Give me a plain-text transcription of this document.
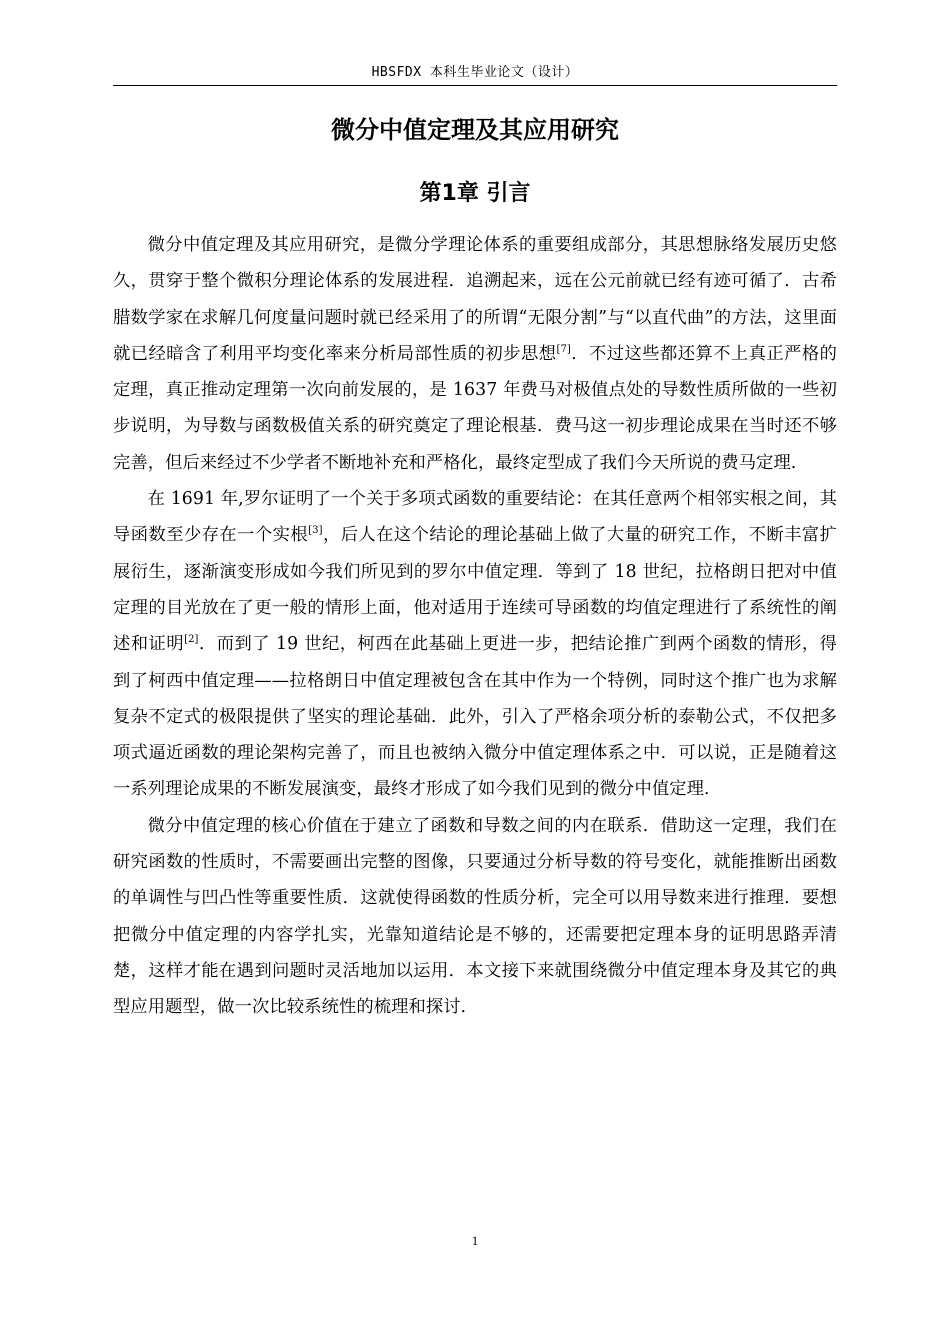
HBSFDX 本科生毕业论文（设计）
微分中值定理及其应用研究
第1章 引言

微分中值定理及其应用研究，是微分学理论体系的重要组成部分，其思想脉络发展历史悠久，贯穿于整个微积分理论体系的发展进程．追溯起来，远在公元前就已经有迹可循了．古希腊数学家在求解几何度量问题时就已经采用了的所谓“无限分割”与“以直代曲”的方法，这里面就已经暗含了利用平均变化率来分析局部性质的初步思想[7]．不过这些都还算不上真正严格的定理，真正推动定理第一次向前发展的，是 1637 年费马对极值点处的导数性质所做的一些初步说明，为导数与函数极值关系的研究奠定了理论根基．费马这一初步理论成果在当时还不够完善，但后来经过不少学者不断地补充和严格化，最终定型成了我们今天所说的费马定理．

在 1691 年,罗尔证明了一个关于多项式函数的重要结论：在其任意两个相邻实根之间，其导函数至少存在一个实根[3]，后人在这个结论的理论基础上做了大量的研究工作，不断丰富扩展衍生，逐渐演变形成如今我们所见到的罗尔中值定理．等到了 18 世纪，拉格朗日把对中值定理的目光放在了更一般的情形上面，他对适用于连续可导函数的均值定理进行了系统性的阐述和证明[2]．而到了 19 世纪，柯西在此基础上更进一步，把结论推广到两个函数的情形，得到了柯西中值定理——拉格朗日中值定理被包含在其中作为一个特例，同时这个推广也为求解复杂不定式的极限提供了坚实的理论基础．此外，引入了严格余项分析的泰勒公式，不仅把多项式逼近函数的理论架构完善了，而且也被纳入微分中值定理体系之中．可以说，正是随着这一系列理论成果的不断发展演变，最终才形成了如今我们见到的微分中值定理．

微分中值定理的核心价值在于建立了函数和导数之间的内在联系．借助这一定理，我们在研究函数的性质时，不需要画出完整的图像，只要通过分析导数的符号变化，就能推断出函数的单调性与凹凸性等重要性质．这就使得函数的性质分析，完全可以用导数来进行推理．要想把微分中值定理的内容学扎实，光靠知道结论是不够的，还需要把定理本身的证明思路弄清楚，这样才能在遇到问题时灵活地加以运用．本文接下来就围绕微分中值定理本身及其它的典型应用题型，做一次比较系统性的梳理和探讨．

1
